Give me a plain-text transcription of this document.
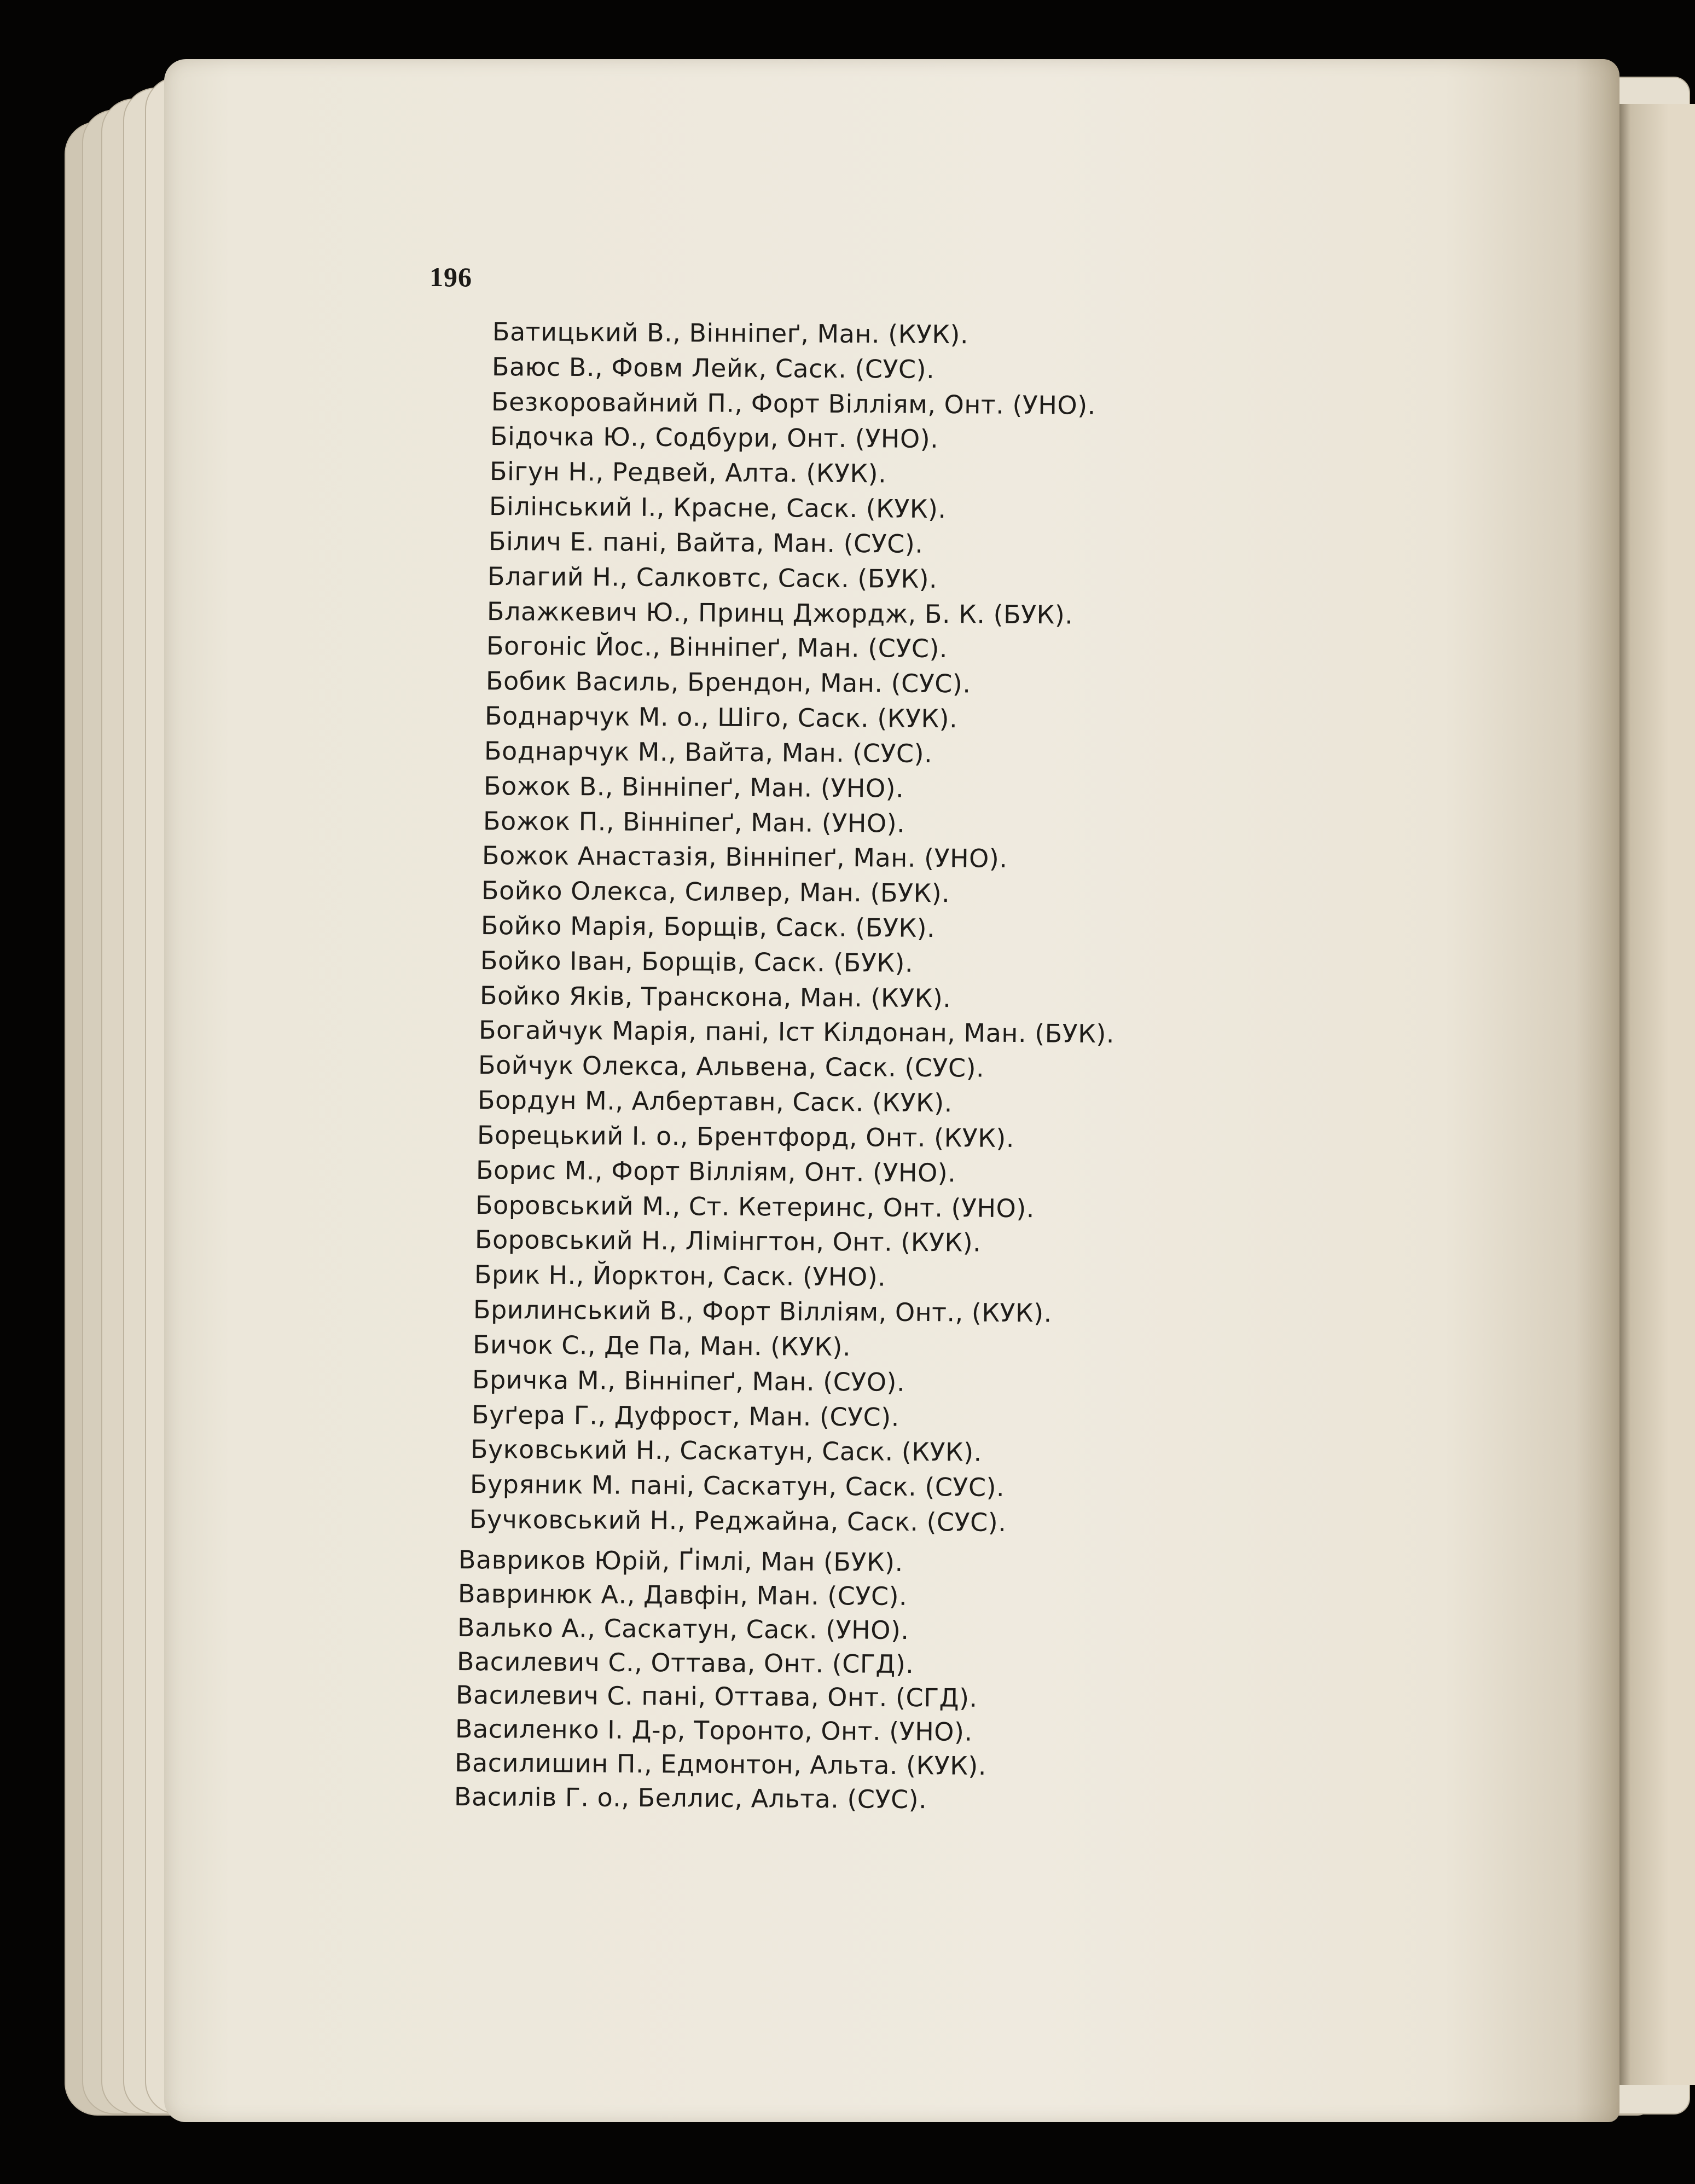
196
Батицький В., Вінніпеґ, Ман. (КУК).
Баюс В., Фовм Лейк, Саск. (СУС).
Безкоровайний П., Форт Вілліям, Онт. (УНО).
Бідочка Ю., Содбури, Онт. (УНО).
Бігун Н., Редвей, Алта. (КУК).
Білінський І., Красне, Саск. (КУК).
Білич Е. пані, Вайта, Ман. (СУС).
Благий Н., Салковтс, Саск. (БУК).
Блажкевич Ю., Принц Джордж, Б. К. (БУК).
Богоніс Йос., Вінніпеґ, Ман. (СУС).
Бобик Василь, Брендон, Ман. (СУС).
Боднарчук М. о., Шіго, Саск. (КУК).
Боднарчук М., Вайта, Ман. (СУС).
Божок В., Вінніпеґ, Ман. (УНО).
Божок П., Вінніпеґ, Ман. (УНО).
Божок Анастазія, Вінніпеґ, Ман. (УНО).
Бойко Олекса, Силвер, Ман. (БУК).
Бойко Марія, Борщів, Саск. (БУК).
Бойко Іван, Борщів, Саск. (БУК).
Бойко Яків, Транскона, Ман. (КУК).
Богайчук Марія, пані, Іст Кілдонан, Ман. (БУК).
Бойчук Олекса, Альвена, Саск. (СУС).
Бордун М., Албертавн, Саск. (КУК).
Борецький І. о., Брентфорд, Онт. (КУК).
Борис М., Форт Вілліям, Онт. (УНО).
Боровський М., Ст. Кетеринс, Онт. (УНО).
Боровський Н., Лімінгтон, Онт. (КУК).
Брик Н., Йорктон, Саск. (УНО).
Брилинський В., Форт Вілліям, Онт., (КУК).
Бичок С., Де Па, Ман. (КУК).
Бричка М., Вінніпеґ, Ман. (СУО).
Буґера Г., Дуфрост, Ман. (СУС).
Буковський Н., Саскатун, Саск. (КУК).
Буряник М. пані, Саскатун, Саск. (СУС).
Бучковський Н., Реджайна, Саск. (СУС).
Вавриков Юрій, Ґімлі, Ман (БУК).
Вавринюк А., Давфін, Ман. (СУС).
Валько А., Саскатун, Саск. (УНО).
Василевич С., Оттава, Онт. (СГД).
Василевич С. пані, Оттава, Онт. (СГД).
Василенко І. Д-р, Торонто, Онт. (УНО).
Василишин П., Едмонтон, Альта. (КУК).
Василів Г. о., Беллис, Альта. (СУС).
